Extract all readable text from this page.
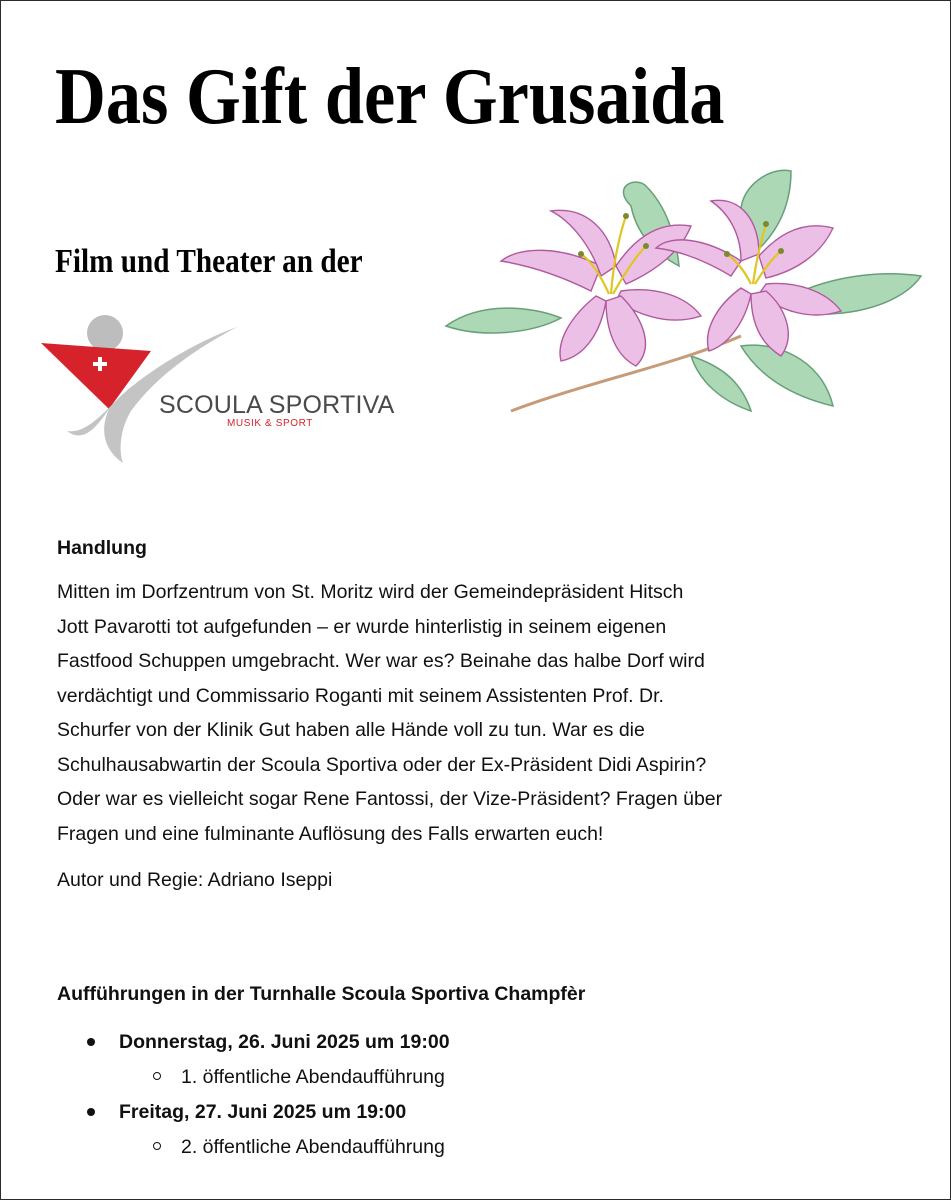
Das Gift der Grusaida
Film und Theater an der
SCOULA SPORTIVA
MUSIK & SPORT

Handlung

Mitten im Dorfzentrum von St. Moritz wird der Gemeindepräsident Hitsch
Jott Pavarotti tot aufgefunden – er wurde hinterlistig in seinem eigenen
Fastfood Schuppen umgebracht. Wer war es? Beinahe das halbe Dorf wird
verdächtigt und Commissario Roganti mit seinem Assistenten Prof. Dr.
Schurfer von der Klinik Gut haben alle Hände voll zu tun. War es die
Schulhausabwartin der Scoula Sportiva oder der Ex-Präsident Didi Aspirin?
Oder war es vielleicht sogar Rene Fantossi, der Vize-Präsident? Fragen über
Fragen und eine fulminante Auflösung des Falls erwarten euch!

Autor und Regie: Adriano Iseppi

Aufführungen in der Turnhalle Scoula Sportiva Champfèr

Donnerstag, 26. Juni 2025 um 19:00
1. öffentliche Abendaufführung
Freitag, 27. Juni 2025 um 19:00
2. öffentliche Abendaufführung
